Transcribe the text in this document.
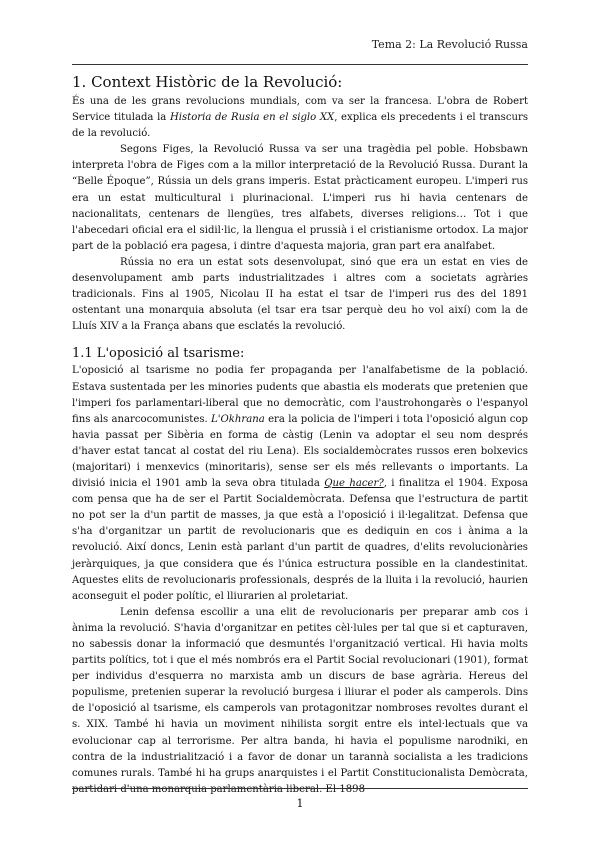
Tema 2: La Revolució Russa
1. Context Històric de la Revolució:

És una de les grans revolucions mundials, com va ser la francesa. L'obra de Robert Service titulada la Historia de Rusia en el siglo XX, explica els precedents i el transcurs de la revolució.

Segons Figes, la Revolució Russa va ser una tragèdia pel poble. Hobsbawn interpreta l'obra de Figes com a la millor interpretació de la Revolució Russa. Durant la “Belle Époque”, Rússia un dels grans imperis. Estat pràcticament europeu. L'imperi rus era un estat multicultural i plurinacional. L'imperi rus hi havia centenars de nacionalitats, centenars de llengües, tres alfabets, diverses religions… Tot i que l'abecedari oficial era el sidil·lic, la llengua el prussià i el cristianisme ortodox. La major part de la població era pagesa, i dintre d'aquesta majoria, gran part era analfabet.

Rússia no era un estat sots desenvolupat, sinó que era un estat en vies de desenvolupament amb parts industrialitzades i altres com a societats agràries tradicionals. Fins al 1905, Nicolau II ha estat el tsar de l'imperi rus des del 1891 ostentant una monarquia absoluta (el tsar era tsar perquè deu ho vol així) com la de Lluís XIV a la França abans que esclatés la revolució.

1.1 L'oposició al tsarisme:

L'oposició al tsarisme no podia fer propaganda per l'analfabetisme de la població. Estava sustentada per les minories pudents que abastia els moderats que pretenien que l'imperi fos parlamentari-liberal que no democràtic, com l'austrohongarès o l'espanyol fins als anarcocomunistes. L'Okhrana era la policia de l'imperi i tota l'oposició algun cop havia passat per Sibèria en forma de càstig (Lenin va adoptar el seu nom després d'haver estat tancat al costat del riu Lena). Els socialdemòcrates russos eren bolxevics (majoritari) i menxevics (minoritaris), sense ser els més rellevants o importants. La divisió inicia el 1901 amb la seva obra titulada Que hacer?, i finalitza el 1904. Exposa com pensa que ha de ser el Partit Socialdemòcrata. Defensa que l'estructura de partit no pot ser la d'un partit de masses, ja que està a l'oposició i il·legalitzat. Defensa que s'ha d'organitzar un partit de revolucionaris que es dediquin en cos i ànima a la revolució. Així doncs, Lenin està parlant d'un partit de quadres, d'elits revolucionàries jeràrquiques, ja que considera que és l'única estructura possible en la clandestinitat. Aquestes elits de revolucionaris professionals, després de la lluita i la revolució, haurien aconseguit el poder polític, el lliurarien al proletariat.

Lenin defensa escollir a una elit de revolucionaris per preparar amb cos i ànima la revolució. S'havia d'organitzar en petites cèl·lules per tal que si et capturaven, no sabessis donar la informació que desmuntés l'organització vertical. Hi havia molts partits polítics, tot i que el més nombrós era el Partit Social revolucionari (1901), format per individus d'esquerra no marxista amb un discurs de base agrària. Hereus del populisme, pretenien superar la revolució burgesa i lliurar el poder als camperols. Dins de l'oposició al tsarisme, els camperols van protagonitzar nombroses revoltes durant el s. XIX. També hi havia un moviment nihilista sorgit entre els intel·lectuals que va evolucionar cap al terrorisme. Per altra banda, hi havia el populisme narodniki, en contra de la industrialització i a favor de donar un tarannà socialista a les tradicions comunes rurals. També hi ha grups anarquistes i el Partit Constitucionalista Demòcrata, partidari d'una monarquia parlamentària liberal. El 1898

1
